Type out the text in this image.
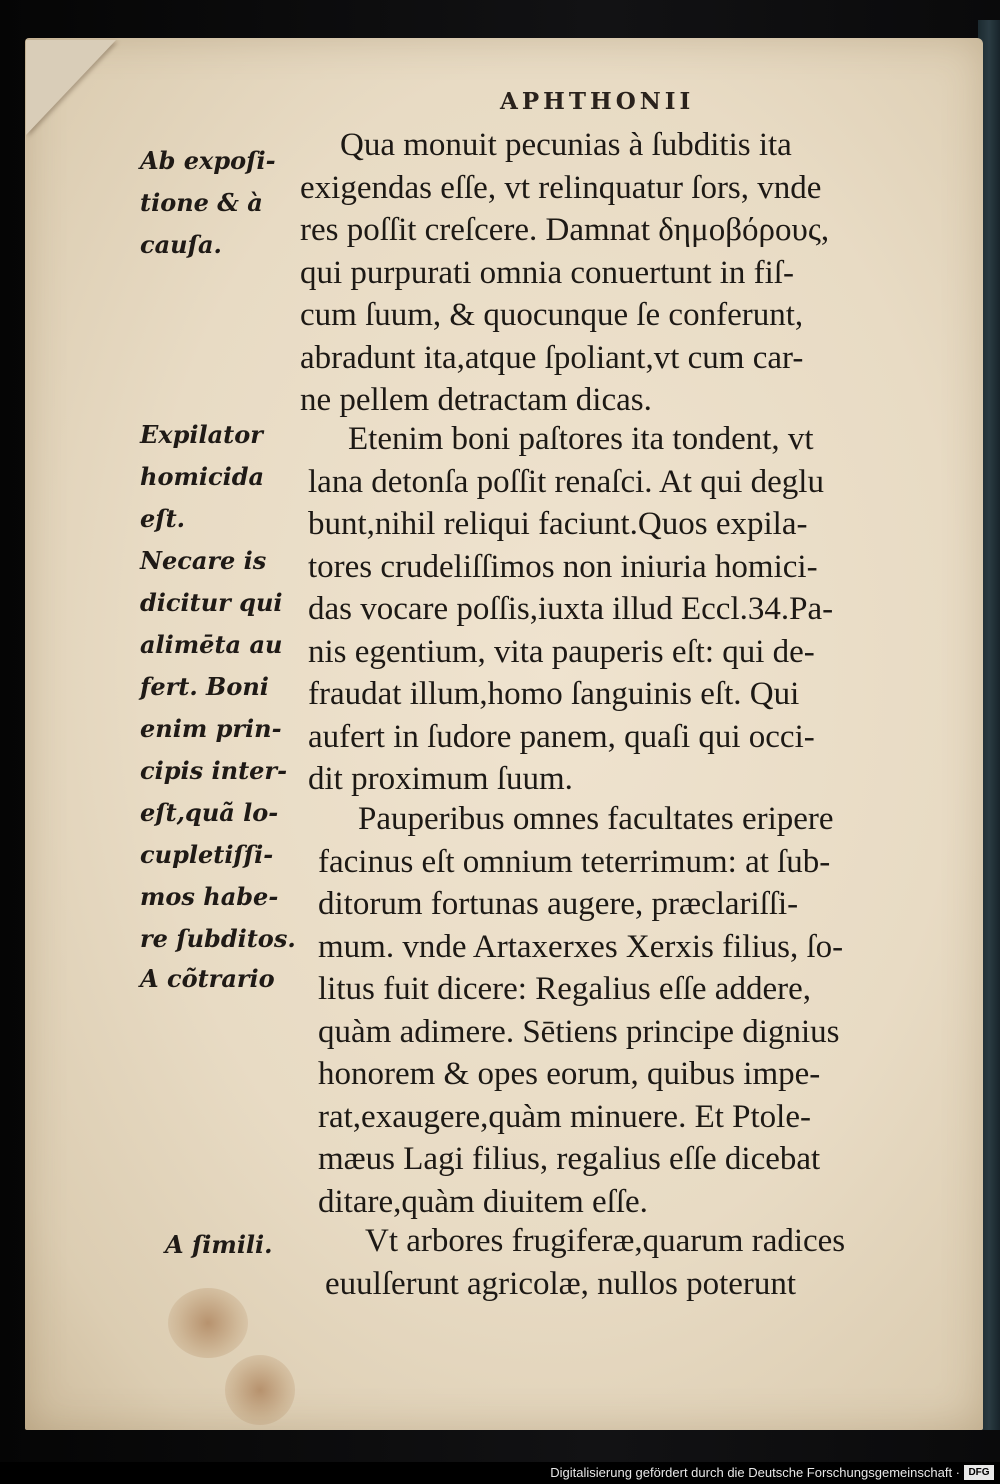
APHTHONII
Ab expoſi-
tione & à
cauſa.
Expilator
homicida
eſt.
Necare is
dicitur qui
alimēta au
fert. Boni
enim prin-
cipis inter-
eſt,quã lo-
cupletiſſi-
mos habe-
re ſubditos.
A cõtrario
A ſimili.
Qua monuit pecunias à ſubditis ita
exigendas eſſe, vt relinquatur ſors, vnde
res poſſit creſcere. Damnat δημοβόρους,
qui purpurati omnia conuertunt in fiſ-
cum ſuum, & quocunque ſe conferunt,
abradunt ita,atque ſpoliant,vt cum car-
ne pellem detractam dicas.
Etenim boni paſtores ita tondent, vt
lana detonſa poſſit renaſci. At qui deglu
bunt,nihil reliqui faciunt.Quos expila-
tores crudeliſſimos non iniuria homici-
das vocare poſſis,iuxta illud Eccl.34.Pa-
nis egentium, vita pauperis eſt: qui de-
fraudat illum,homo ſanguinis eſt. Qui
aufert in ſudore panem, quaſi qui occi-
dit proximum ſuum.
Pauperibus omnes facultates eripere
facinus eſt omnium teterrimum: at ſub-
ditorum fortunas augere, præclariſſi-
mum. vnde Artaxerxes Xerxis filius, ſo-
litus fuit dicere: Regalius eſſe addere,
quàm adimere. Sētiens principe dignius
honorem & opes eorum, quibus impe-
rat,exaugere,quàm minuere. Et Ptole-
mæus Lagi filius, regalius eſſe dicebat
ditare,quàm diuitem eſſe.
Vt arbores frugiferæ,quarum radices
euulſerunt agricolæ, nullos poterunt
Digitalisierung gefördert durch die Deutsche Forschungsgemeinschaft · DFG
